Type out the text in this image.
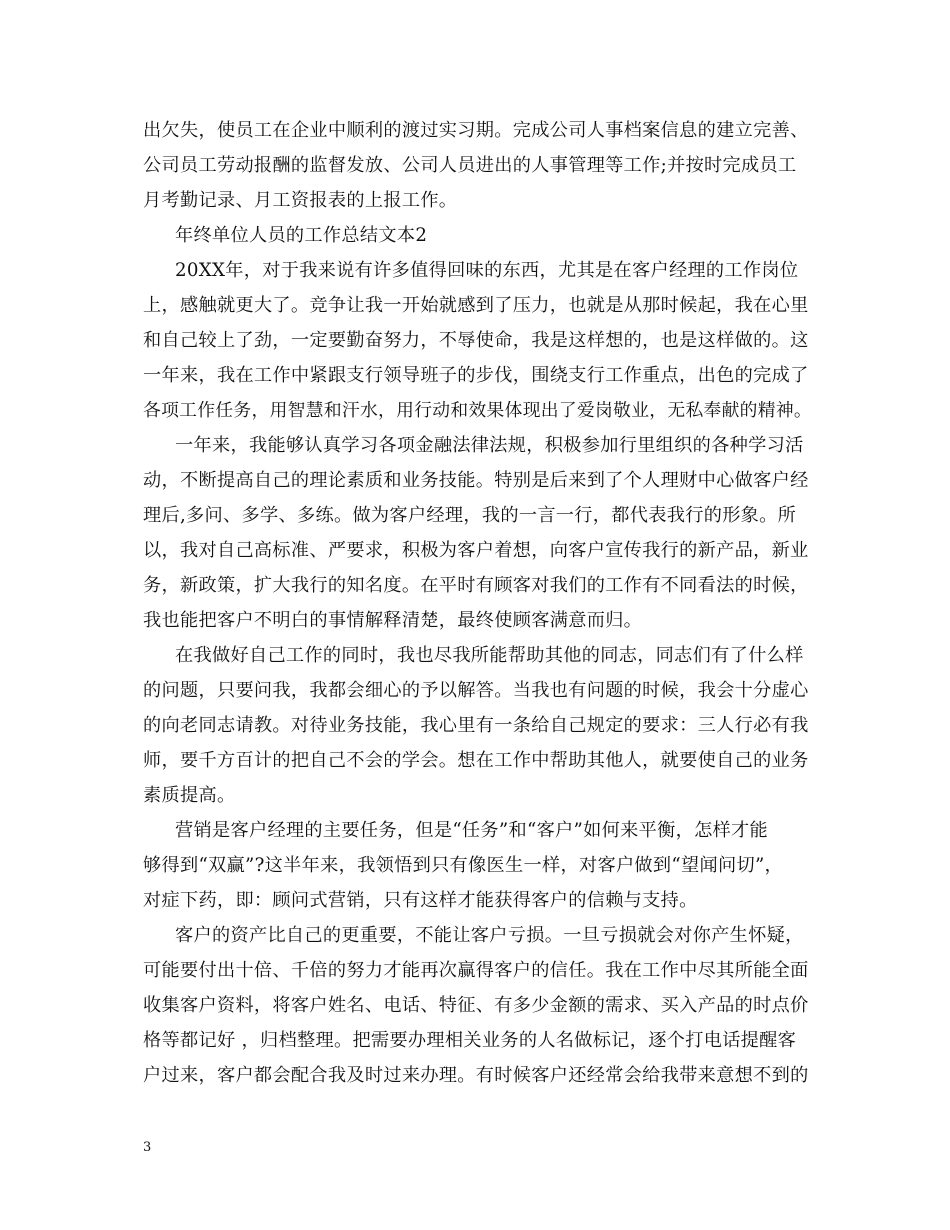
出欠失，使员工在企业中顺利的渡过实习期。完成公司人事档案信息的建立完善、
公司员工劳动报酬的监督发放、公司人员进出的人事管理等工作;并按时完成员工
月考勤记录、月工资报表的上报工作。
年终单位人员的工作总结文本2
20XX年，对于我来说有许多值得回味的东西，尤其是在客户经理的工作岗位
上，感触就更大了。竞争让我一开始就感到了压力，也就是从那时候起，我在心里
和自己较上了劲，一定要勤奋努力，不辱使命，我是这样想的，也是这样做的。这
一年来，我在工作中紧跟支行领导班子的步伐，围绕支行工作重点，出色的完成了
各项工作任务，用智慧和汗水，用行动和效果体现出了爱岗敬业，无私奉献的精神。
一年来，我能够认真学习各项金融法律法规，积极参加行里组织的各种学习活
动，不断提高自己的理论素质和业务技能。特别是后来到了个人理财中心做客户经
理后,多问、多学、多练。做为客户经理，我的一言一行，都代表我行的形象。所
以，我对自己高标准、严要求，积极为客户着想，向客户宣传我行的新产品，新业
务，新政策，扩大我行的知名度。在平时有顾客对我们的工作有不同看法的时候，
我也能把客户不明白的事情解释清楚，最终使顾客满意而归。
在我做好自己工作的同时，我也尽我所能帮助其他的同志，同志们有了什么样
的问题，只要问我，我都会细心的予以解答。当我也有问题的时候，我会十分虚心
的向老同志请教。对待业务技能，我心里有一条给自己规定的要求：三人行必有我
师，要千方百计的把自己不会的学会。想在工作中帮助其他人，就要使自己的业务
素质提高。
营销是客户经理的主要任务，但是“任务”和“客户”如何来平衡，怎样才能
够得到“双赢”?这半年来，我领悟到只有像医生一样，对客户做到“望闻问切”，
对症下药，即：顾问式营销，只有这样才能获得客户的信赖与支持。
客户的资产比自己的更重要，不能让客户亏损。一旦亏损就会对你产生怀疑，
可能要付出十倍、千倍的努力才能再次赢得客户的信任。我在工作中尽其所能全面
收集客户资料，将客户姓名、电话、特征、有多少金额的需求、买入产品的时点价
格等都记好 ，归档整理。把需要办理相关业务的人名做标记，逐个打电话提醒客
户过来，客户都会配合我及时过来办理。有时候客户还经常会给我带来意想不到的
3
